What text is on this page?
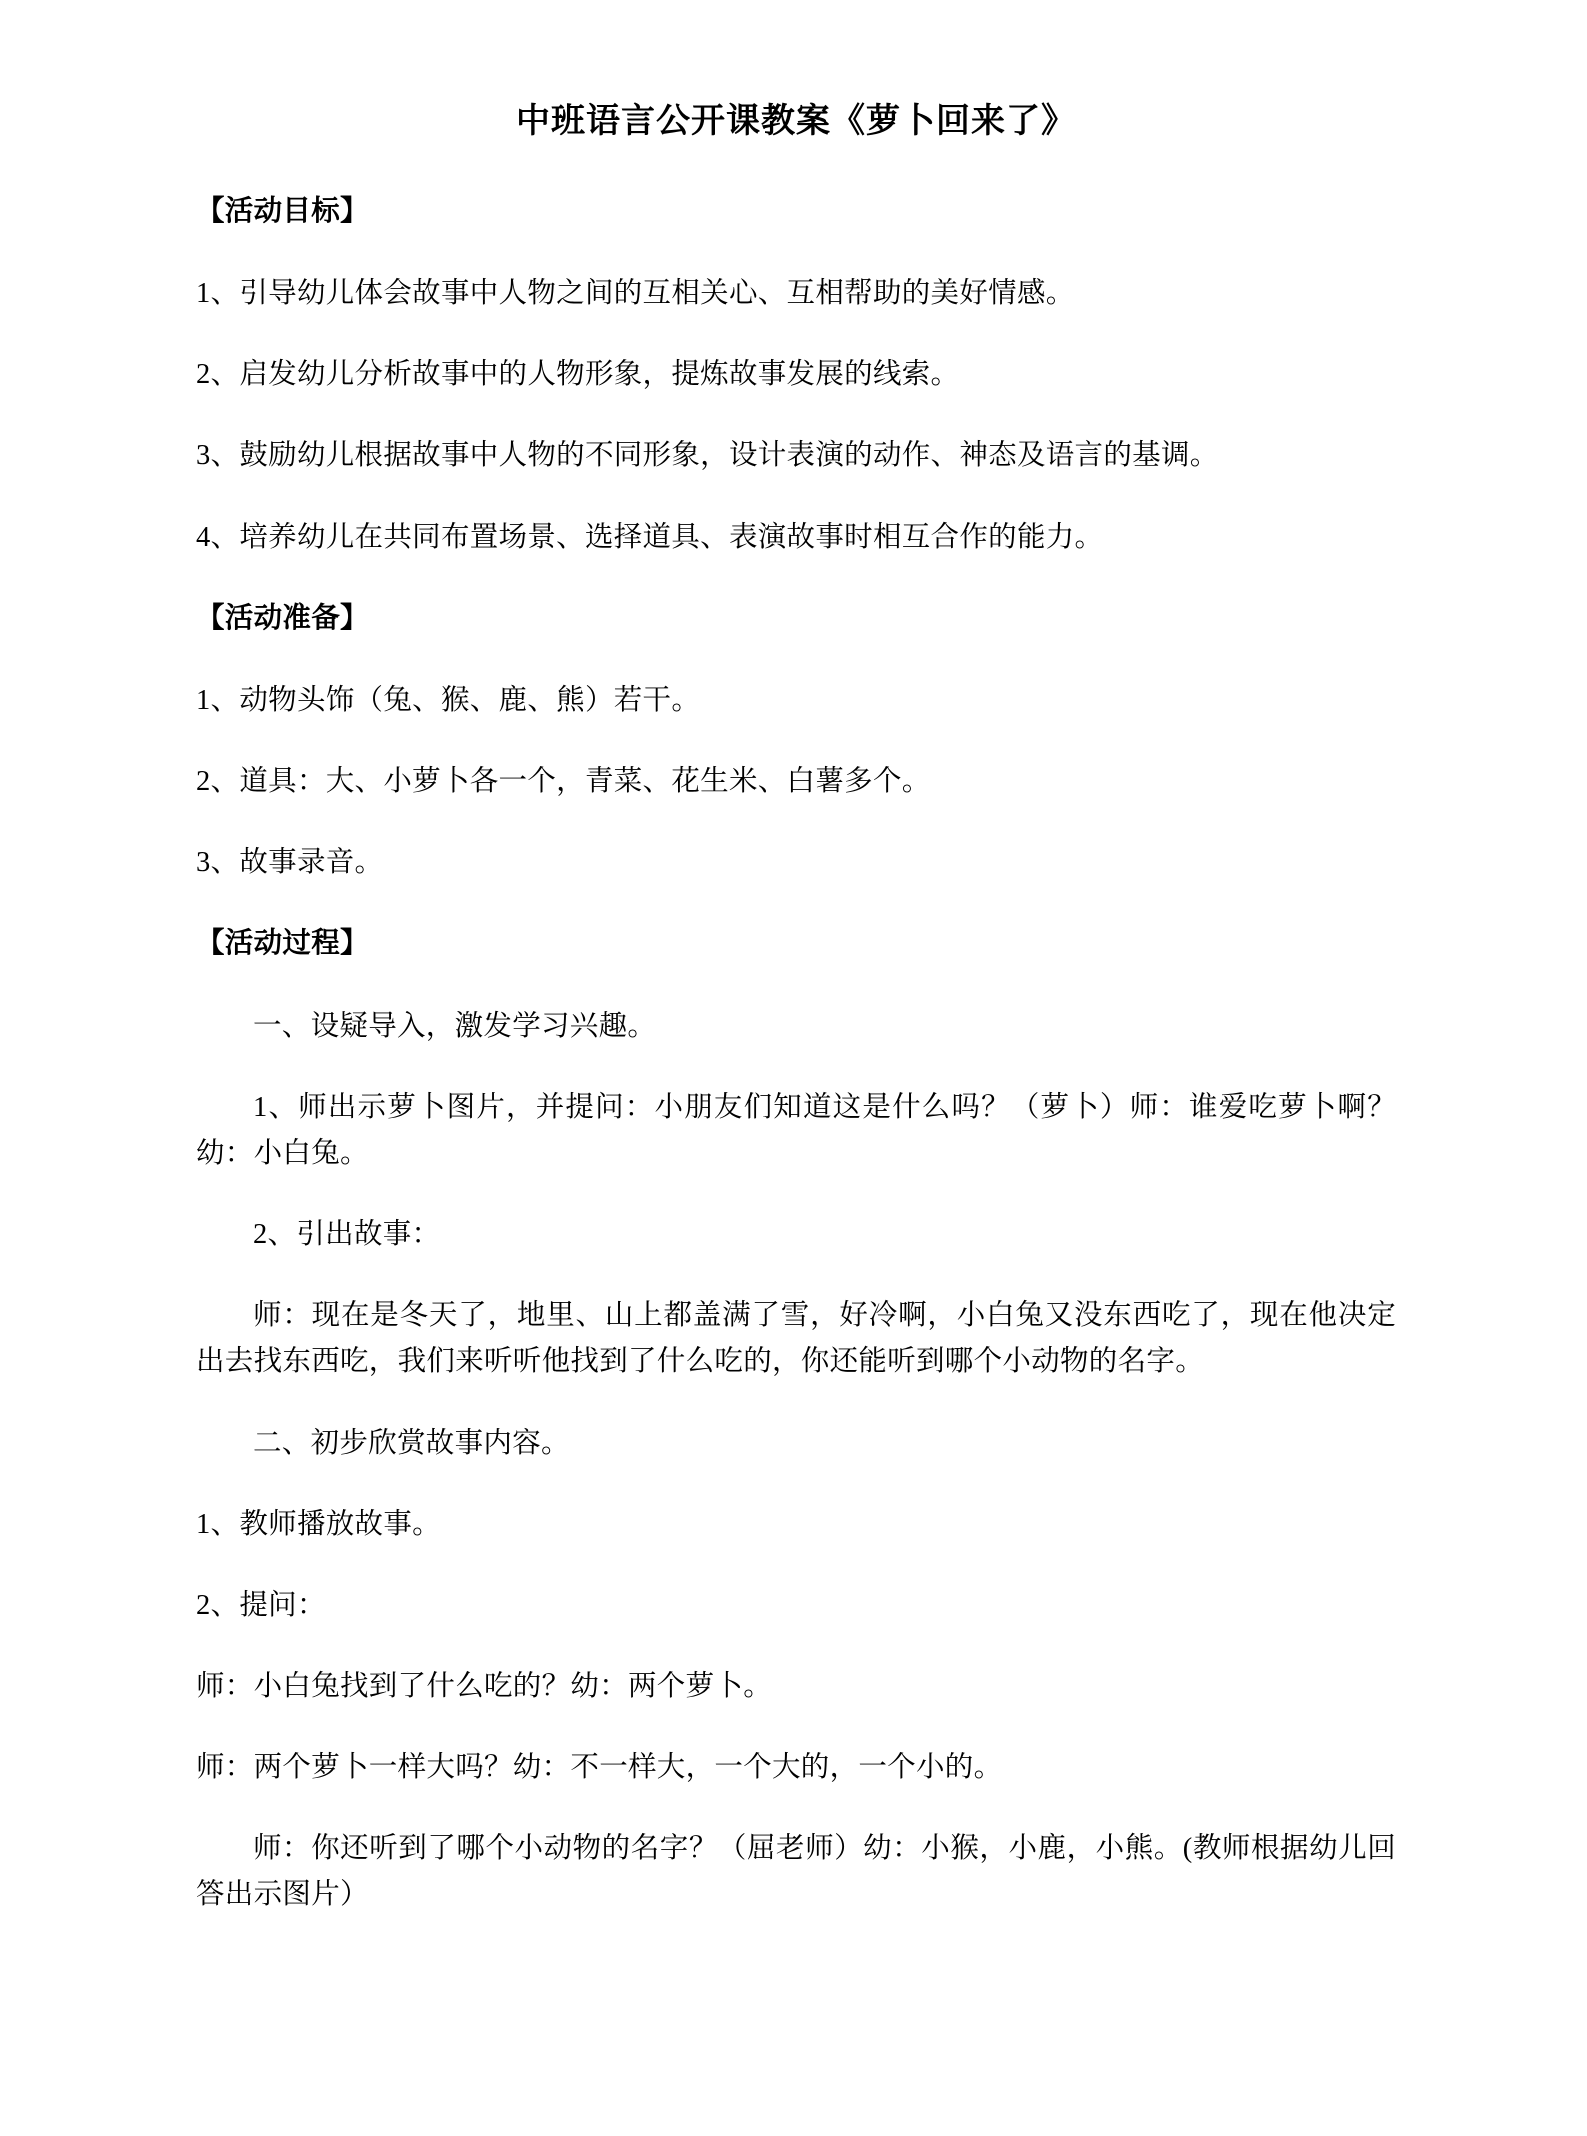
中班语言公开课教案《萝卜回来了》

【活动目标】

1、引导幼儿体会故事中人物之间的互相关心、互相帮助的美好情感。

2、启发幼儿分析故事中的人物形象，提炼故事发展的线索。

3、鼓励幼儿根据故事中人物的不同形象，设计表演的动作、神态及语言的基调。

4、培养幼儿在共同布置场景、选择道具、表演故事时相互合作的能力。

【活动准备】

1、动物头饰（兔、猴、鹿、熊）若干。

2、道具：大、小萝卜各一个，青菜、花生米、白薯多个。

3、故事录音。

【活动过程】

一、设疑导入，激发学习兴趣。

1、师出示萝卜图片，并提问：小朋友们知道这是什么吗？（萝卜）师：谁爱吃萝卜啊？幼：小白兔。

2、引出故事：

师：现在是冬天了，地里、山上都盖满了雪，好冷啊，小白兔又没东西吃了，现在他决定出去找东西吃，我们来听听他找到了什么吃的，你还能听到哪个小动物的名字。

二、初步欣赏故事内容。

1、教师播放故事。

2、提问：

师：小白兔找到了什么吃的？幼：两个萝卜。

师：两个萝卜一样大吗？幼：不一样大，一个大的，一个小的。

师：你还听到了哪个小动物的名字？（屈老师）幼：小猴，小鹿，小熊。(教师根据幼儿回答出示图片）
